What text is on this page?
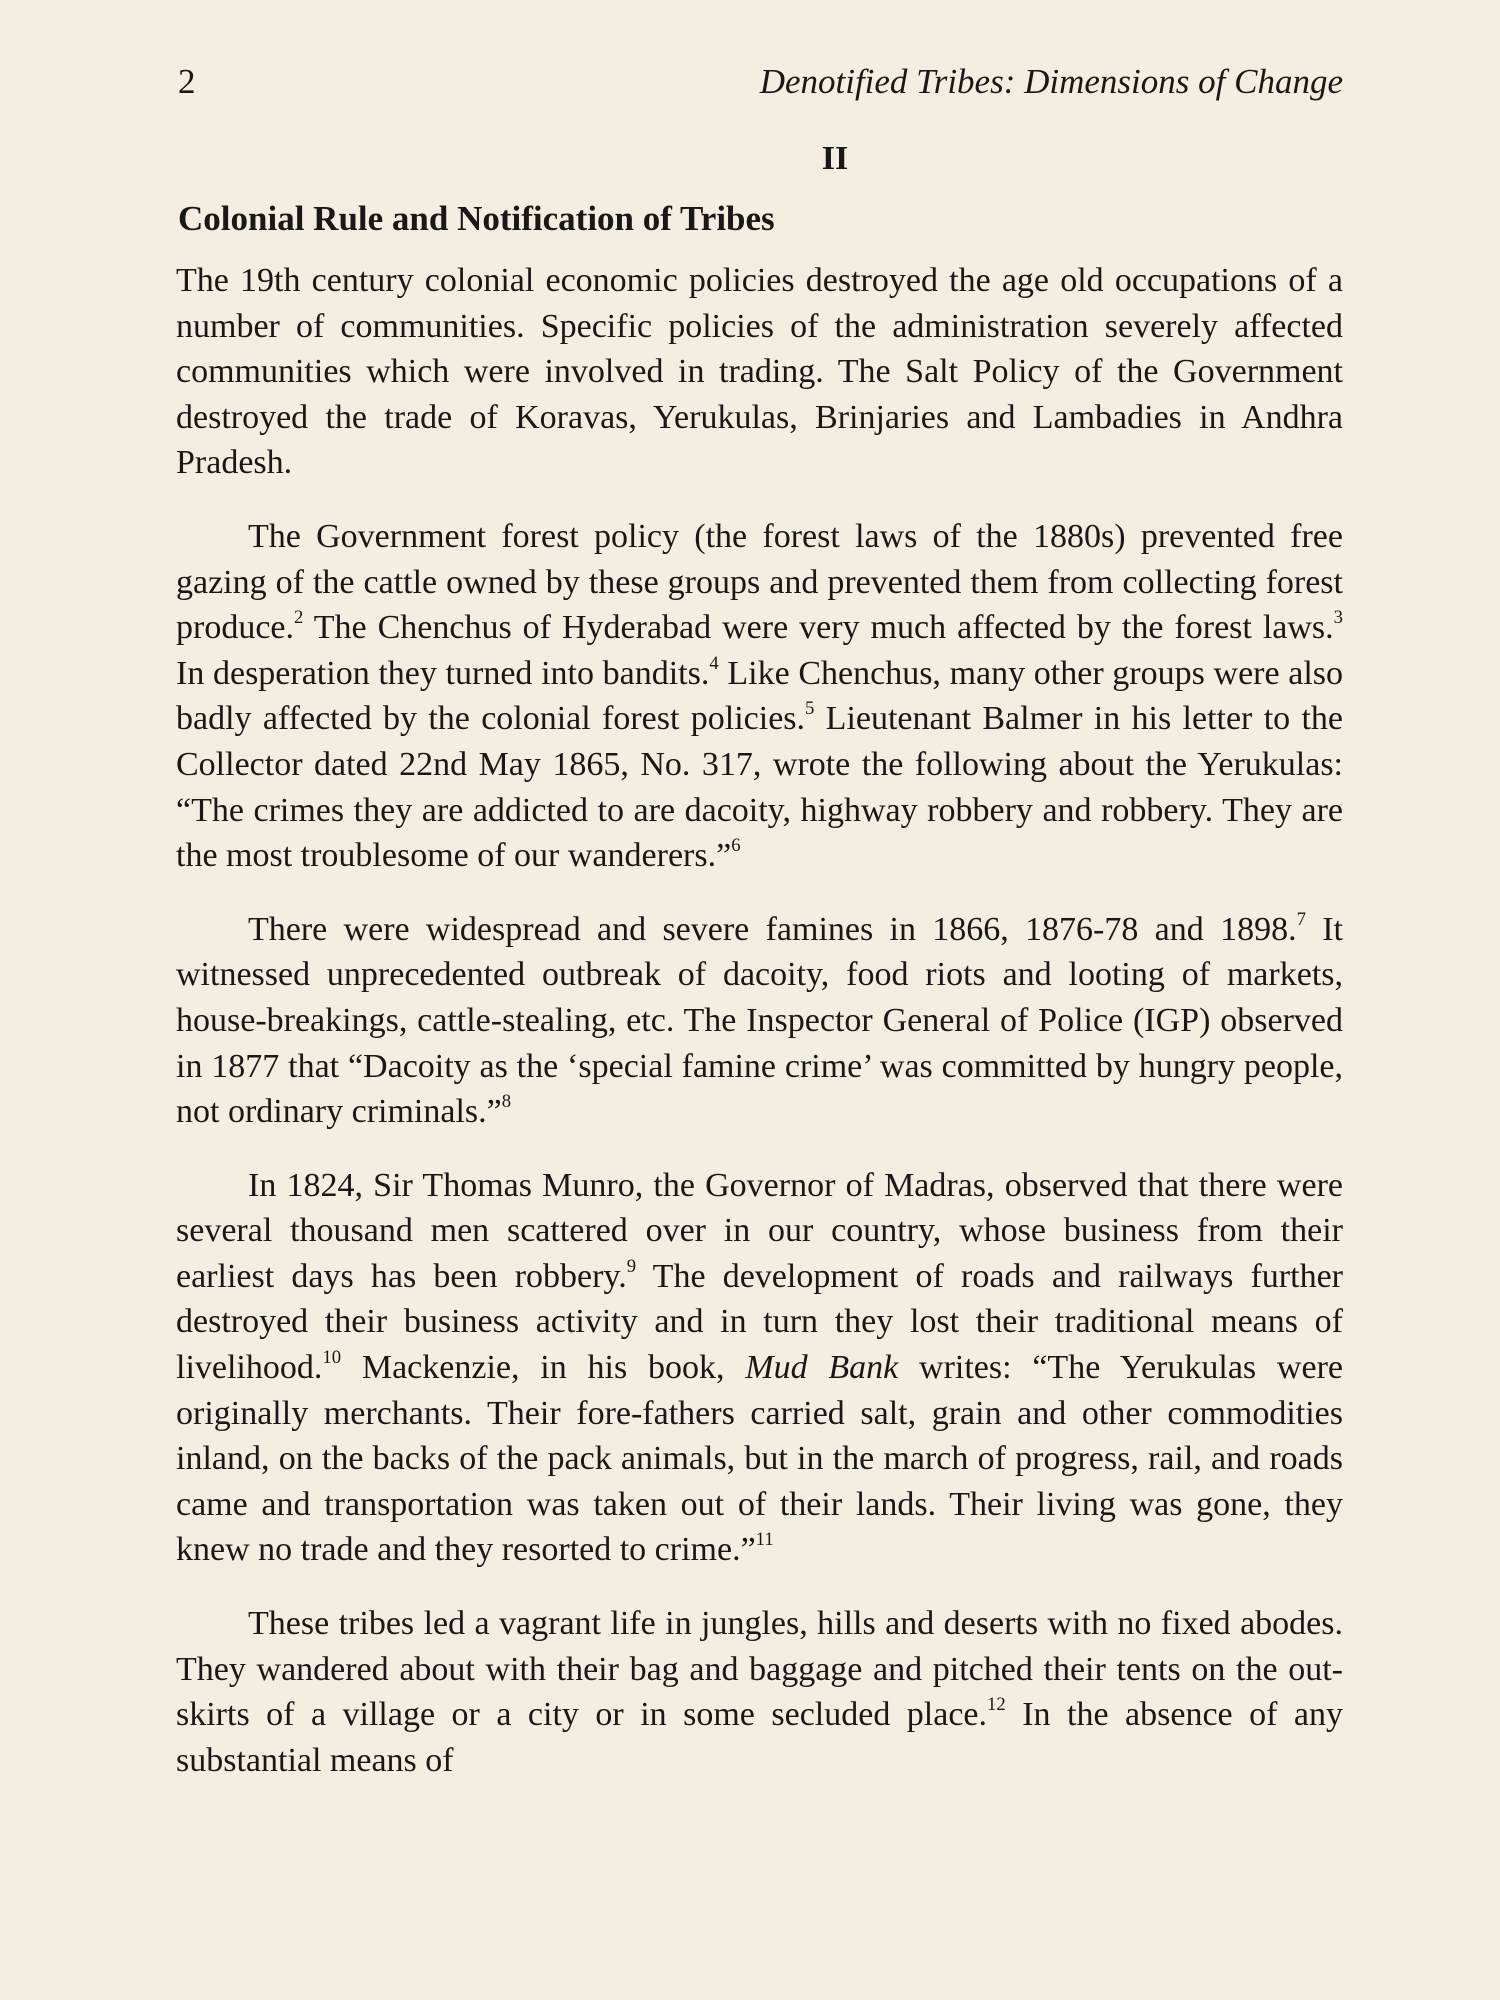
2	Denotified Tribes: Dimensions of Change
II
Colonial Rule and Notification of Tribes

The 19th century colonial economic policies destroyed the age old occupations of a number of communities. Specific policies of the administration severely affected communities which were involved in trading. The Salt Policy of the Government destroyed the trade of Koravas, Yerukulas, Brinjaries and Lambadies in Andhra Pradesh.

The Government forest policy (the forest laws of the 1880s) prevented free gazing of the cattle owned by these groups and prevented them from collecting forest produce.$^2$ The Chenchus of Hyderabad were very much affected by the forest laws.$^3$ In desperation they turned into bandits.$^4$ Like Chenchus, many other groups were also badly affected by the colonial forest policies.$^5$ Lieutenant Balmer in his letter to the Collector dated 22nd May 1865, No. 317, wrote the following about the Yerukulas: “The crimes they are addicted to are dacoity, highway robbery and robbery. They are the most troublesome of our wanderers.”$^6$

There were widespread and severe famines in 1866, 1876-78 and 1898.$^7$ It witnessed unprecedented outbreak of dacoity, food riots and looting of markets, house-breakings, cattle-stealing, etc. The Inspector General of Police (IGP) observed in 1877 that “Dacoity as the ‘special famine crime’ was committed by hungry people, not ordinary criminals.”$^8$

In 1824, Sir Thomas Munro, the Governor of Madras, observed that there were several thousand men scattered over in our country, whose business from their earliest days has been robbery.$^9$ The development of roads and railways further destroyed their business activity and in turn they lost their traditional means of livelihood.$^{10}$ Mackenzie, in his book, Mud Bank writes: “The Yerukulas were originally merchants. Their fore-fathers carried salt, grain and other commodities inland, on the backs of the pack animals, but in the march of progress, rail, and roads came and transportation was taken out of their lands. Their living was gone, they knew no trade and they resorted to crime.”$^{11}$

These tribes led a vagrant life in jungles, hills and deserts with no fixed abodes. They wandered about with their bag and baggage and pitched their tents on the out-skirts of a village or a city or in some secluded place.$^{12}$ In the absence of any substantial means of
